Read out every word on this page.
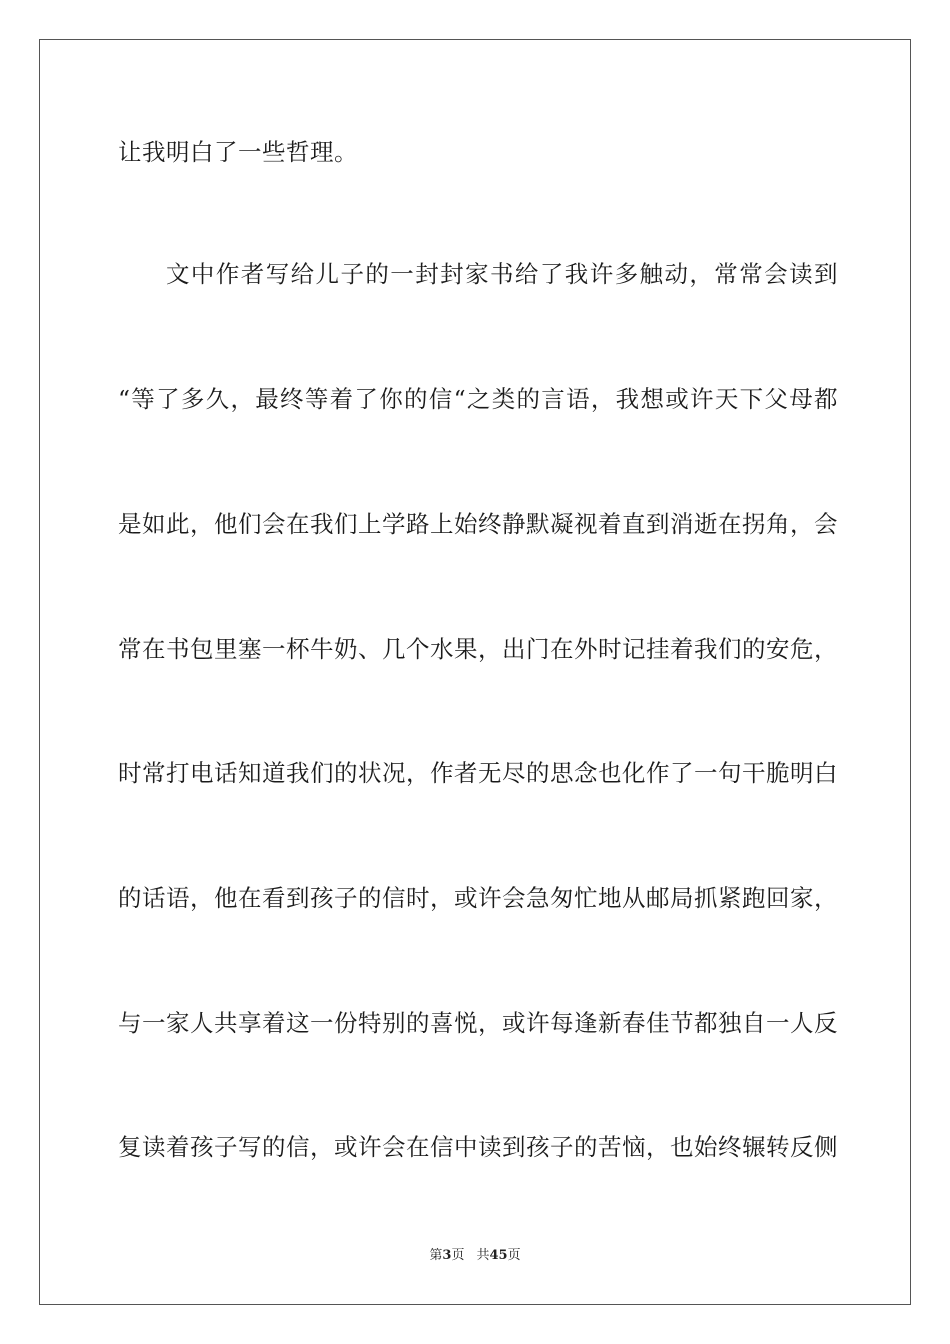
让我明白了一些哲理。
文中作者写给儿子的一封封家书给了我许多触动，常常会读到
“等了多久，最终等着了你的信“之类的言语，我想或许天下父母都
是如此，他们会在我们上学路上始终静默凝视着直到消逝在拐角，会
常在书包里塞一杯牛奶、几个水果，出门在外时记挂着我们的安危，
时常打电话知道我们的状况，作者无尽的思念也化作了一句干脆明白
的话语，他在看到孩子的信时，或许会急匆忙地从邮局抓紧跑回家，
与一家人共享着这一份特别的喜悦，或许每逢新春佳节都独自一人反
复读着孩子写的信，或许会在信中读到孩子的苦恼，也始终辗转反侧
第3页 共45页
